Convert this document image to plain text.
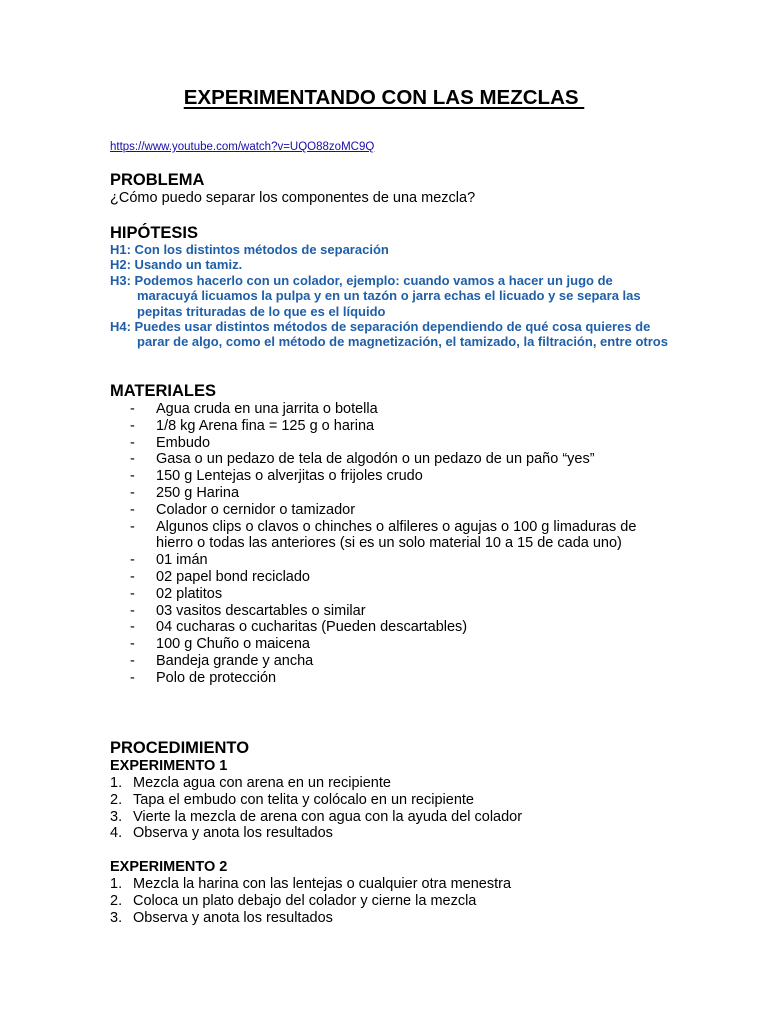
EXPERIMENTANDO CON LAS MEZCLAS
https://www.youtube.com/watch?v=UQO88zoMC9Q
PROBLEMA
¿Cómo puedo separar los componentes de una mezcla?
HIPÓTESIS
H1: Con los distintos métodos de separación
H2: Usando un tamiz.
H3: Podemos hacerlo con un colador, ejemplo: cuando vamos a hacer un jugo de maracuyá licuamos la pulpa y en un tazón o jarra echas el licuado y se separa las pepitas trituradas de lo que es el líquido
H4: Puedes usar distintos métodos de separación dependiendo de qué cosa quieres de parar de algo, como el método de magnetización, el tamizado, la filtración, entre otros
MATERIALES
- Agua cruda en una jarrita o botella
- 1/8 kg Arena fina = 125 g o harina
- Embudo
- Gasa o un pedazo de tela de algodón o un pedazo de un paño “yes”
- 150 g Lentejas o alverjitas o frijoles crudo
- 250 g Harina
- Colador o cernidor o tamizador
- Algunos clips o clavos o chinches o alfileres o agujas o 100 g limaduras de hierro o todas las anteriores (si es un solo material 10 a 15 de cada uno)
- 01 imán
- 02 papel bond reciclado
- 02 platitos
- 03 vasitos descartables o similar
- 04 cucharas o cucharitas (Pueden descartables)
- 100 g Chuño o maicena
- Bandeja grande y ancha
- Polo de protección
PROCEDIMIENTO
EXPERIMENTO 1
1. Mezcla agua con arena en un recipiente
2. Tapa el embudo con telita y colócalo en un recipiente
3. Vierte la mezcla de arena con agua con la ayuda del colador
4. Observa y anota los resultados
EXPERIMENTO 2
1. Mezcla la harina con las lentejas o cualquier otra menestra
2. Coloca un plato debajo del colador y cierne la mezcla
3. Observa y anota los resultados
